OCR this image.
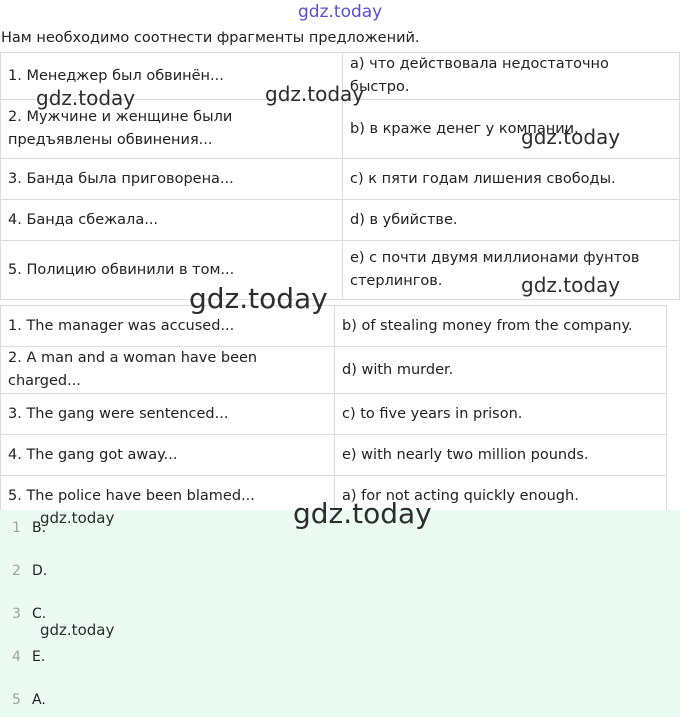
gdz.today
Нам необходимо соотнести фрагменты предложений.
1. Менеджер был обвинён...	a) что действовала недостаточно быстро.
2. Мужчине и женщине были предъявлены обвинения...	b) в краже денег у компании.
3. Банда была приговорена...	c) к пяти годам лишения свободы.
4. Банда сбежала...	d) в убийстве.
5. Полицию обвинили в том...	e) с почти двумя миллионами фунтов стерлингов.
1. The manager was accused...	b) of stealing money from the company.
2. A man and a woman have been charged...	d) with murder.
3. The gang were sentenced...	c) to five years in prison.
4. The gang got away...	e) with nearly two million pounds.
5. The police have been blamed...	a) for not acting quickly enough.
1 B.
2 D.
3 C.
4 E.
5 A.
gdz.today	gdz.today
gdz.today
gdz.today	gdz.today
gdz.today
gdz.today
gdz.today
